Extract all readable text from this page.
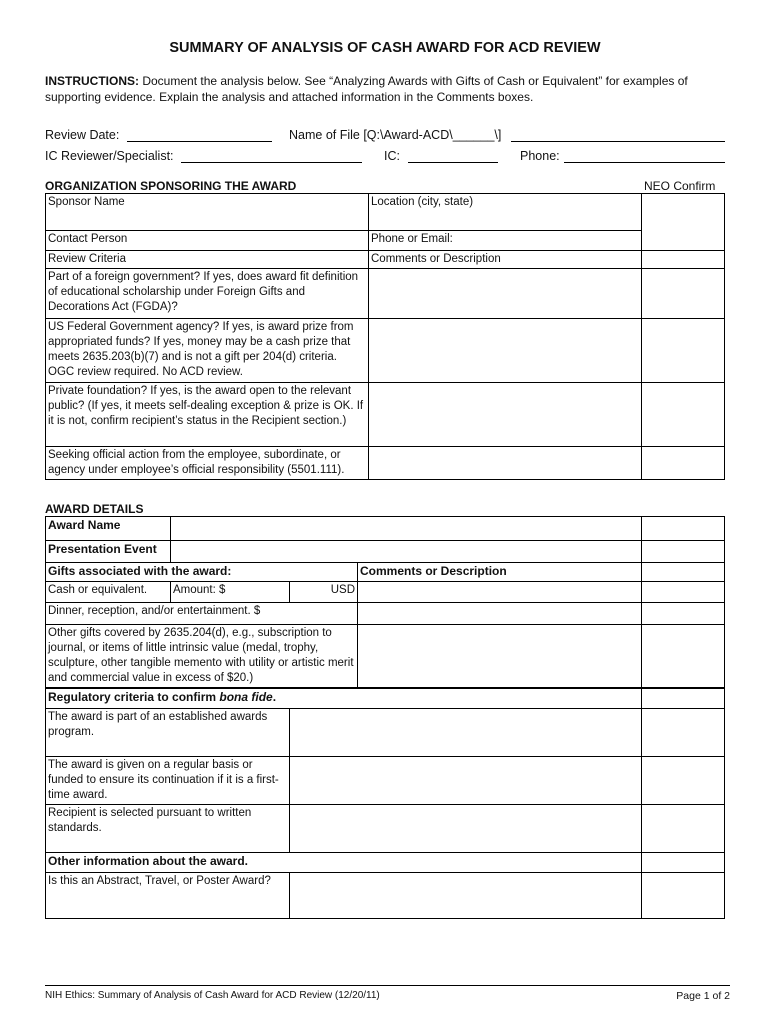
SUMMARY OF ANALYSIS OF CASH AWARD FOR ACD REVIEW
INSTRUCTIONS: Document the analysis below. See “Analyzing Awards with Gifts of Cash or Equivalent” for examples of supporting evidence. Explain the analysis and attached information in the Comments boxes.
Review Date:	Name of File [Q:\Award-ACD\______\]
IC Reviewer/Specialist:	IC:	Phone:
ORGANIZATION SPONSORING THE AWARD	NEO Confirm
Sponsor Name	Location (city, state)	
Contact Person	Phone or Email:	
Review Criteria	Comments or Description	
Part of a foreign government? If yes, does award fit definition of educational scholarship under Foreign Gifts and Decorations Act (FGDA)?		
US Federal Government agency? If yes, is award prize from appropriated funds? If yes, money may be a cash prize that meets 2635.203(b)(7) and is not a gift per 204(d) criteria. OGC review required. No ACD review.		
Private foundation? If yes, is the award open to the relevant public? (If yes, it meets self-dealing exception & prize is OK. If it is not, confirm recipient’s status in the Recipient section.)		
Seeking official action from the employee, subordinate, or agency under employee’s official responsibility (5501.111).		
AWARD DETAILS
Award Name				
Presentation Event				
Gifts associated with the award:			Comments or Description	
Cash or equivalent.	Amount: $	USD		
Dinner, reception, and/or entertainment. $				
Other gifts covered by 2635.204(d), e.g., subscription to journal, or items of little intrinsic value (medal, trophy, sculpture, other tangible memento with utility or artistic merit and commercial value in excess of $20.)				
Regulatory criteria to confirm bona fide.				
The award is part of an established awards program.				
The award is given on a regular basis or funded to ensure its continuation if it is a first-time award.				
Recipient is selected pursuant to written standards.				
Other information about the award.				
Is this an Abstract, Travel, or Poster Award?				
NIH Ethics: Summary of Analysis of Cash Award for ACD Review (12/20/11)	Page 1 of 2
